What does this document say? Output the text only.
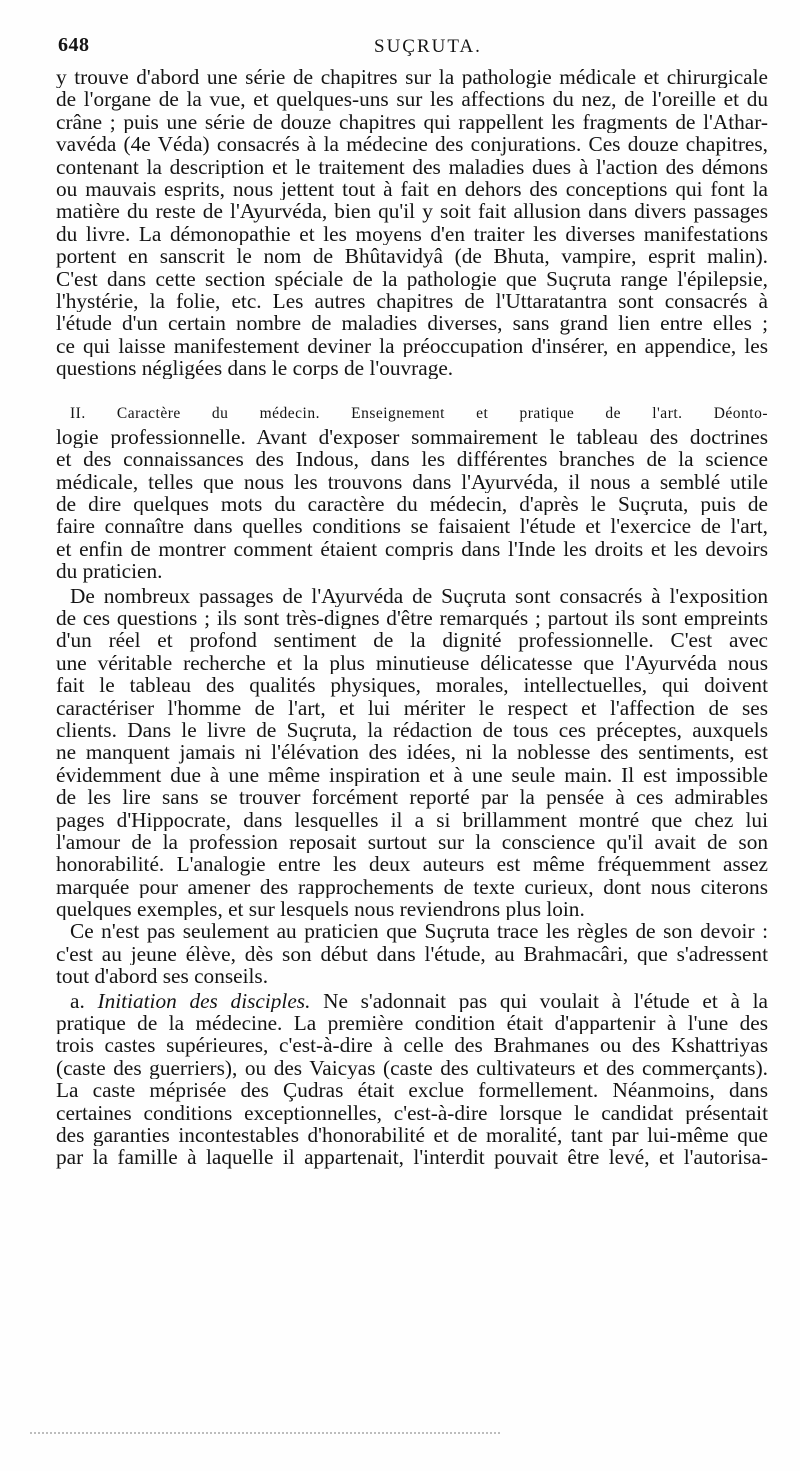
648	SUÇRUTA.
y trouve d'abord une série de chapitres sur la pathologie médicale et chirurgicale
de l'organe de la vue, et quelques-uns sur les affections du nez, de l'oreille et du
crâne ; puis une série de douze chapitres qui rappellent les fragments de l'Athar-
vavéda (4e Véda) consacrés à la médecine des conjurations. Ces douze chapitres,
contenant la description et le traitement des maladies dues à l'action des démons
ou mauvais esprits, nous jettent tout à fait en dehors des conceptions qui font la
matière du reste de l'Ayurvéda, bien qu'il y soit fait allusion dans divers passages
du livre. La démonopathie et les moyens d'en traiter les diverses manifestations
portent en sanscrit le nom de Bhûtavidyâ (de Bhuta, vampire, esprit malin).
C'est dans cette section spéciale de la pathologie que Suçruta range l'épilepsie,
l'hystérie, la folie, etc. Les autres chapitres de l'Uttaratantra sont consacrés à
l'étude d'un certain nombre de maladies diverses, sans grand lien entre elles ;
ce qui laisse manifestement deviner la préoccupation d'insérer, en appendice, les
questions négligées dans le corps de l'ouvrage.
II. Caractère du médecin. Enseignement et pratique de l'art. Déonto-
logie professionnelle. Avant d'exposer sommairement le tableau des doctrines
et des connaissances des Indous, dans les différentes branches de la science
médicale, telles que nous les trouvons dans l'Ayurvéda, il nous a semblé utile
de dire quelques mots du caractère du médecin, d'après le Suçruta, puis de
faire connaître dans quelles conditions se faisaient l'étude et l'exercice de l'art,
et enfin de montrer comment étaient compris dans l'Inde les droits et les devoirs
du praticien.
De nombreux passages de l'Ayurvéda de Suçruta sont consacrés à l'exposition
de ces questions ; ils sont très-dignes d'être remarqués ; partout ils sont empreints
d'un réel et profond sentiment de la dignité professionnelle. C'est avec
une véritable recherche et la plus minutieuse délicatesse que l'Ayurvéda nous
fait le tableau des qualités physiques, morales, intellectuelles, qui doivent
caractériser l'homme de l'art, et lui mériter le respect et l'affection de ses
clients. Dans le livre de Suçruta, la rédaction de tous ces préceptes, auxquels
ne manquent jamais ni l'élévation des idées, ni la noblesse des sentiments, est
évidemment due à une même inspiration et à une seule main. Il est impossible
de les lire sans se trouver forcément reporté par la pensée à ces admirables
pages d'Hippocrate, dans lesquelles il a si brillamment montré que chez lui
l'amour de la profession reposait surtout sur la conscience qu'il avait de son
honorabilité. L'analogie entre les deux auteurs est même fréquemment assez
marquée pour amener des rapprochements de texte curieux, dont nous citerons
quelques exemples, et sur lesquels nous reviendrons plus loin.
Ce n'est pas seulement au praticien que Suçruta trace les règles de son devoir :
c'est au jeune élève, dès son début dans l'étude, au Brahmacâri, que s'adressent
tout d'abord ses conseils.
a. Initiation des disciples. Ne s'adonnait pas qui voulait à l'étude et à la
pratique de la médecine. La première condition était d'appartenir à l'une des
trois castes supérieures, c'est-à-dire à celle des Brahmanes ou des Kshattriyas
(caste des guerriers), ou des Vaicyas (caste des cultivateurs et des commerçants).
La caste méprisée des Çudras était exclue formellement. Néanmoins, dans
certaines conditions exceptionnelles, c'est-à-dire lorsque le candidat présentait
des garanties incontestables d'honorabilité et de moralité, tant par lui-même que
par la famille à laquelle il appartenait, l'interdit pouvait être levé, et l'autorisa-
